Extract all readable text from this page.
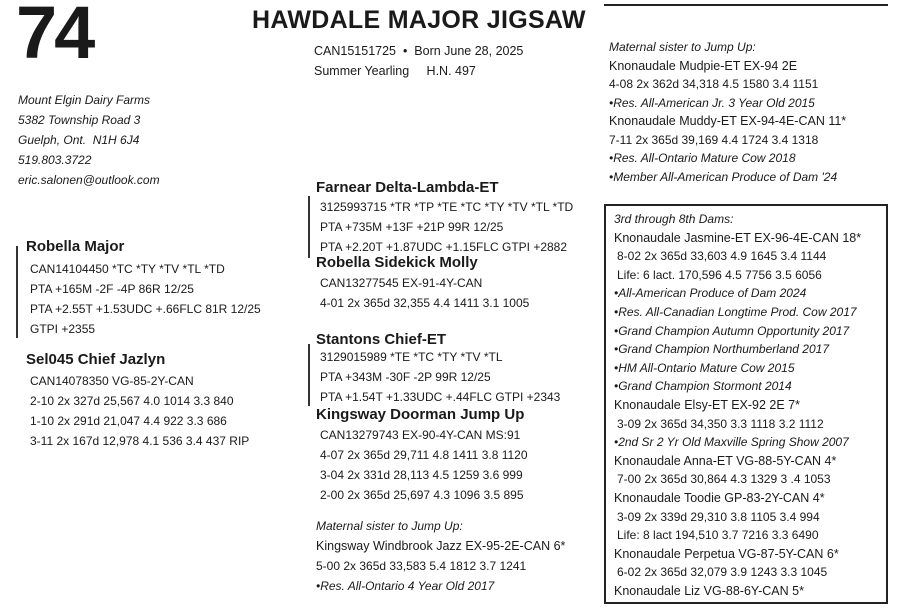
74	HAWDALE MAJOR JIGSAW
Mount Elgin Dairy Farms
5382 Township Road 3
Guelph, Ont.  N1H 6J4
519.803.3722
eric.salonen@outlook.com
CAN15151725  •  Born June 28, 2025
Summer Yearling     H.N. 497
Robella Major
CAN14104450 *TC *TY *TV *TL *TD
PTA +165M -2F -4P 86R 12/25
PTA +2.55T +1.53UDC +.66FLC 81R 12/25
GTPI +2355
Sel045 Chief Jazlyn
CAN14078350 VG-85-2Y-CAN
2-10 2x 327d 25,567 4.0 1014 3.3 840
1-10 2x 291d 21,047 4.4 922 3.3 686
3-11 2x 167d 12,978 4.1 536 3.4 437 RIP
Farnear Delta-Lambda-ET
3125993715 *TR *TP *TE *TC *TY *TV *TL *TD
PTA +735M +13F +21P 99R 12/25
PTA +2.20T +1.87UDC +1.15FLC GTPI +2882
Robella Sidekick Molly
CAN13277545 EX-91-4Y-CAN
4-01 2x 365d 32,355 4.4 1411 3.1 1005
Stantons Chief-ET
3129015989 *TE *TC *TY *TV *TL
PTA +343M -30F -2P 99R 12/25
PTA +1.54T +1.33UDC +.44FLC GTPI +2343
Kingsway Doorman Jump Up
CAN13279743 EX-90-4Y-CAN MS:91
4-07 2x 365d 29,711 4.8 1411 3.8 1120
3-04 2x 331d 28,113 4.5 1259 3.6 999
2-00 2x 365d 25,697 4.3 1096 3.5 895
Maternal sister to Jump Up:
Kingsway Windbrook Jazz EX-95-2E-CAN 6*
5-00 2x 365d 33,583 5.4 1812 3.7 1241
•Res. All-Ontario 4 Year Old 2017
Maternal sister to Jump Up:
Knonaudale Mudpie-ET EX-94 2E
4-08 2x 362d 34,318 4.5 1580 3.4 1151
•Res. All-American Jr. 3 Year Old 2015
Knonaudale Muddy-ET EX-94-4E-CAN 11*
7-11 2x 365d 39,169 4.4 1724 3.4 1318
•Res. All-Ontario Mature Cow 2018
•Member All-American Produce of Dam '24
3rd through 8th Dams:
Knonaudale Jasmine-ET EX-96-4E-CAN 18*
8-02 2x 365d 33,603 4.9 1645 3.4 1144
Life: 6 lact. 170,596 4.5 7756 3.5 6056
•All-American Produce of Dam 2024
•Res. All-Canadian Longtime Prod. Cow 2017
•Grand Champion Autumn Opportunity 2017
•Grand Champion Northumberland 2017
•HM All-Ontario Mature Cow 2015
•Grand Champion Stormont 2014
Knonaudale Elsy-ET EX-92 2E 7*
3-09 2x 365d 34,350 3.3 1118 3.2 1112
•2nd Sr 2 Yr Old Maxville Spring Show 2007
Knonaudale Anna-ET VG-88-5Y-CAN 4*
7-00 2x 365d 30,864 4.3 1329 3 .4 1053
Knonaudale Toodie GP-83-2Y-CAN 4*
3-09 2x 339d 29,310 3.8 1105 3.4 994
Life: 8 lact 194,510 3.7 7216 3.3 6490
Knonaudale Perpetua VG-87-5Y-CAN 6*
6-02 2x 365d 32,079 3.9 1243 3.3 1045
Knonaudale Liz VG-88-6Y-CAN 5*
